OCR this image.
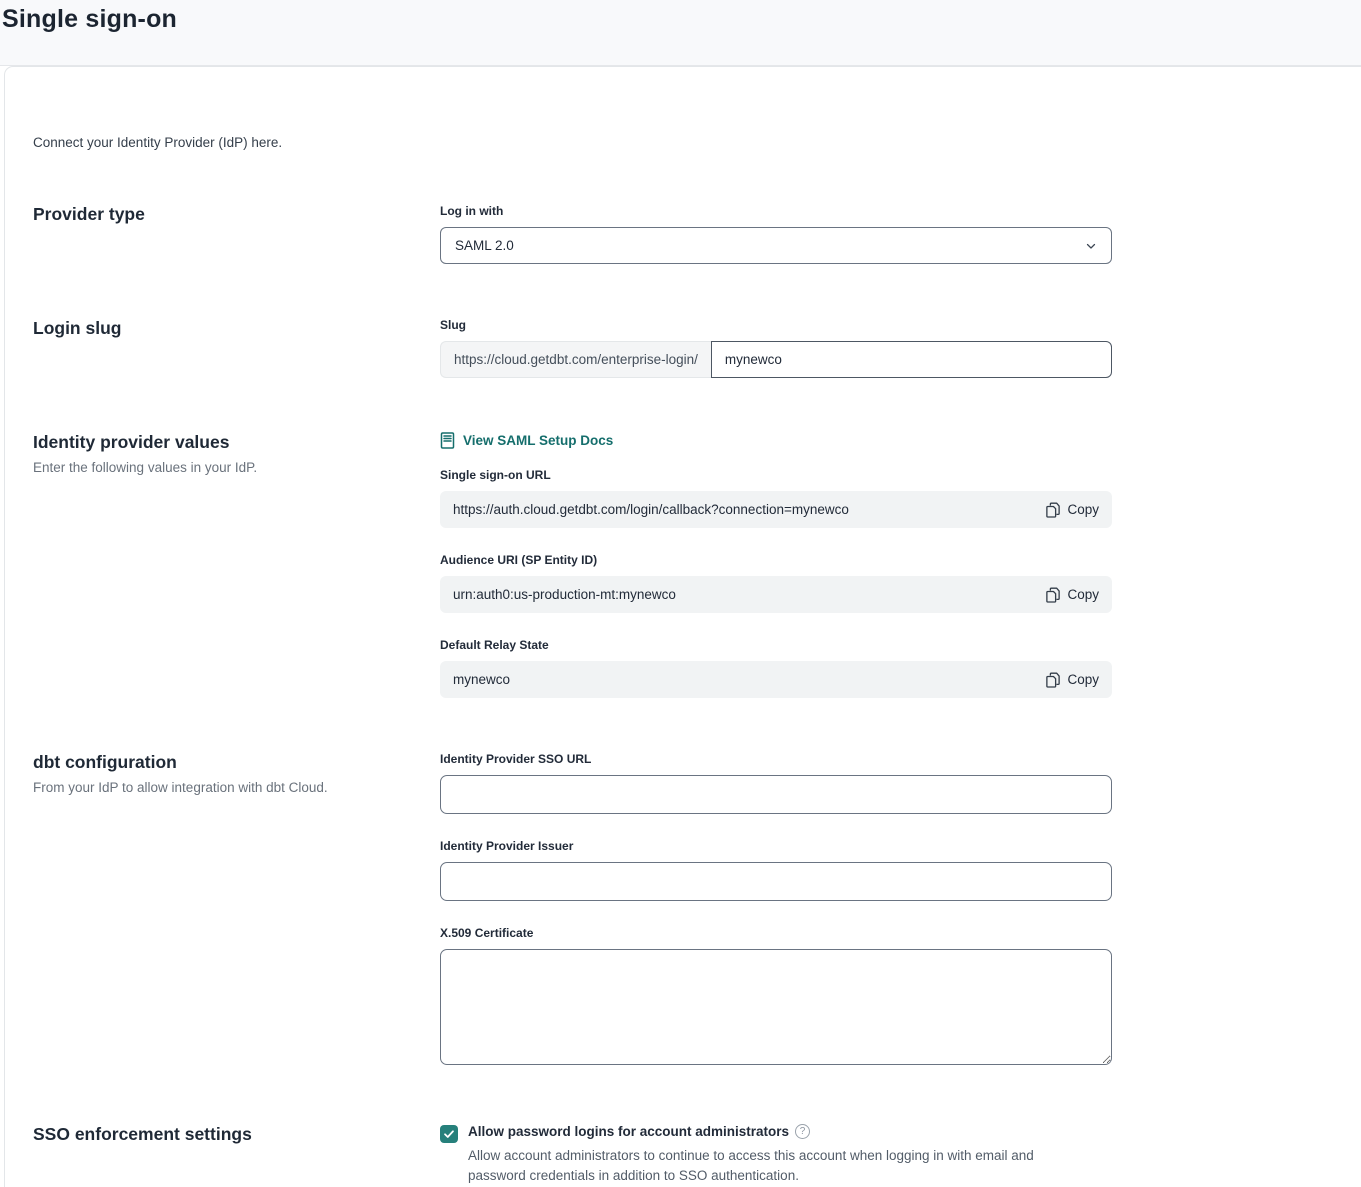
Single sign-on
Connect your Identity Provider (IdP) here.
Provider type	Log in with
SAML 2.0
Login slug	Slug
https://cloud.getdbt.com/enterprise-login/
mynewco
Identity provider values
Enter the following values in your IdP.
View SAML Setup Docs
Single sign-on URL
https://auth.cloud.getdbt.com/login/callback?connection=mynewco	Copy
Audience URI (SP Entity ID)
urn:auth0:us-production-mt:mynewco	Copy
Default Relay State
mynewco	Copy
dbt configuration
From your IdP to allow integration with dbt Cloud.
Identity Provider SSO URL
Identity Provider Issuer
X.509 Certificate
SSO enforcement settings	Allow password logins for account administrators	?
Allow account administrators to continue to access this account when logging in with email and password credentials in addition to SSO authentication.
